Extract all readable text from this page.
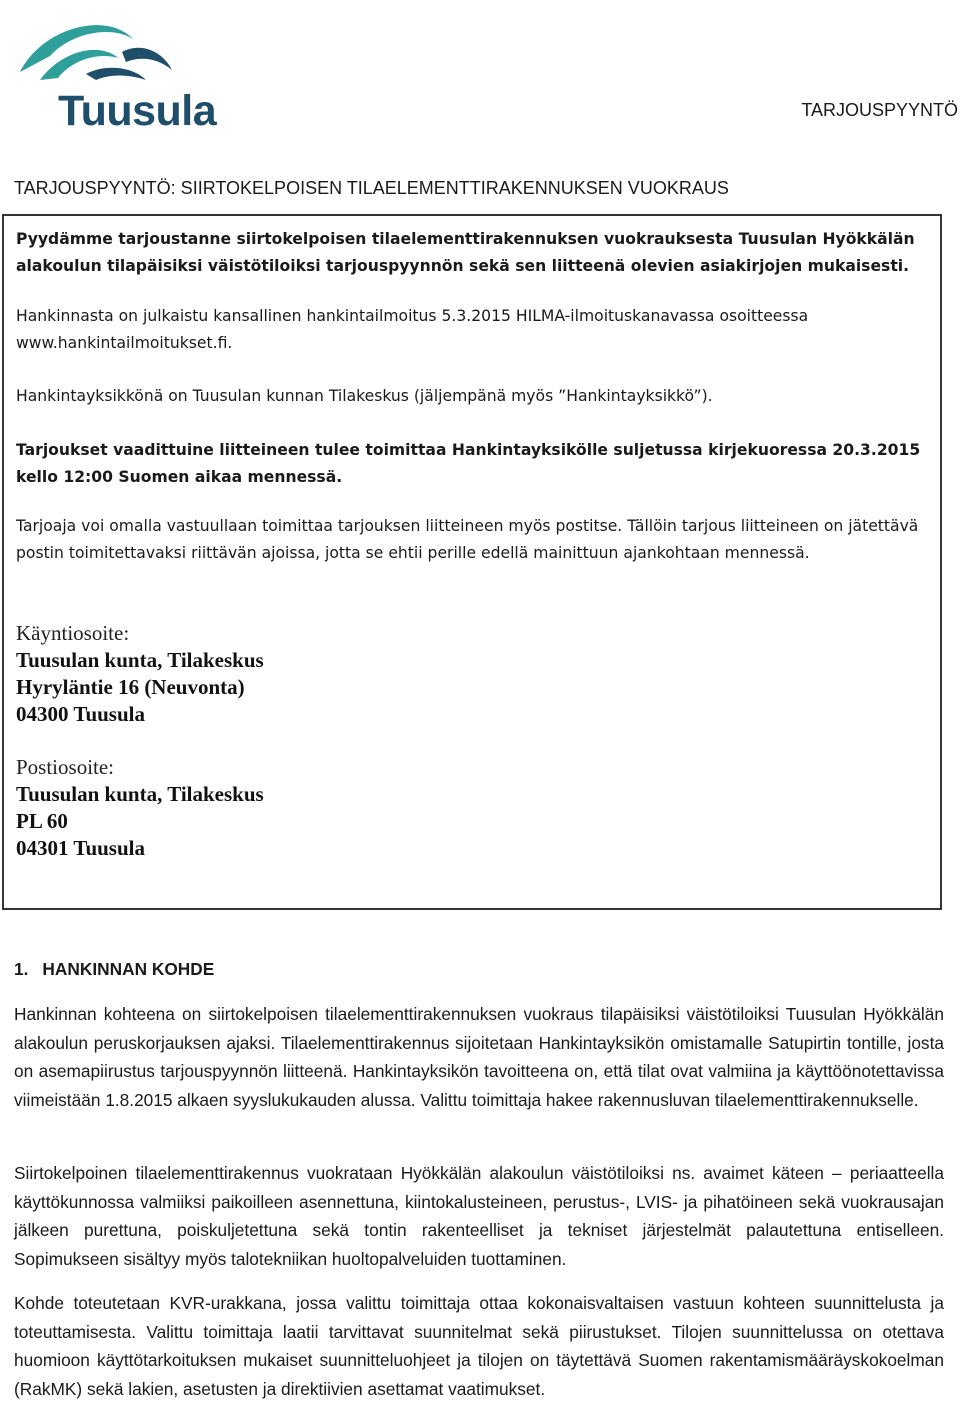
Tuusula	TARJOUSPYYNTÖ
TARJOUSPYYNTÖ: SIIRTOKELPOISEN TILAELEMENTTIRAKENNUKSEN VUOKRAUS

Pyydämme tarjoustanne siirtokelpoisen tilaelementtirakennuksen vuokrauksesta Tuusulan Hyökkälän alakoulun tilapäisiksi väistötiloiksi tarjouspyynnön sekä sen liitteenä olevien asiakirjojen mukaisesti.

Hankinnasta on julkaistu kansallinen hankintailmoitus 5.3.2015 HILMA-ilmoituskanavassa osoitteessa www.hankintailmoitukset.fi.

Hankintayksikkönä on Tuusulan kunnan Tilakeskus (jäljempänä myös ”Hankintayksikkö”).

Tarjoukset vaadittuine liitteineen tulee toimittaa Hankintayksikölle suljetussa kirjekuoressa 20.3.2015 kello 12:00 Suomen aikaa mennessä.

Tarjoaja voi omalla vastuullaan toimittaa tarjouksen liitteineen myös postitse. Tällöin tarjous liitteineen on jätettävä postin toimitettavaksi riittävän ajoissa, jotta se ehtii perille edellä mainittuun ajankohtaan mennessä.

Käyntiosoite:
Tuusulan kunta, Tilakeskus
Hyryläntie 16 (Neuvonta)
04300 Tuusula
Postiosoite:
Tuusulan kunta, Tilakeskus
PL 60
04301 Tuusula
1. HANKINNAN KOHDE

Hankinnan kohteena on siirtokelpoisen tilaelementtirakennuksen vuokraus tilapäisiksi väistötiloiksi Tuusulan Hyökkälän alakoulun peruskorjauksen ajaksi. Tilaelementtirakennus sijoitetaan Hankintayksikön omistamalle Satupirtin tontille, josta on asemapiirustus tarjouspyynnön liitteenä. Hankintayksikön tavoitteena on, että tilat ovat valmiina ja käyttöönotettavissa viimeistään 1.8.2015 alkaen syyslukukauden alussa. Valittu toimittaja hakee rakennusluvan tilaelementtirakennukselle.

Siirtokelpoinen tilaelementtirakennus vuokrataan Hyökkälän alakoulun väistötiloiksi ns. avaimet käteen – periaatteella käyttökunnossa valmiiksi paikoilleen asennettuna, kiintokalusteineen, perustus-, LVIS- ja pihatöineen sekä vuokrausajan jälkeen purettuna, poiskuljetettuna sekä tontin rakenteelliset ja tekniset järjestelmät palautettuna entiselleen. Sopimukseen sisältyy myös talotekniikan huoltopalveluiden tuottaminen.

Kohde toteutetaan KVR-urakkana, jossa valittu toimittaja ottaa kokonaisvaltaisen vastuun kohteen suunnittelusta ja toteuttamisesta. Valittu toimittaja laatii tarvittavat suunnitelmat sekä piirustukset. Tilojen suunnittelussa on otettava huomioon käyttötarkoituksen mukaiset suunnitteluohjeet ja tilojen on täytettävä Suomen rakentamismääräyskokoelman (RakMK) sekä lakien, asetusten ja direktiivien asettamat vaatimukset.
